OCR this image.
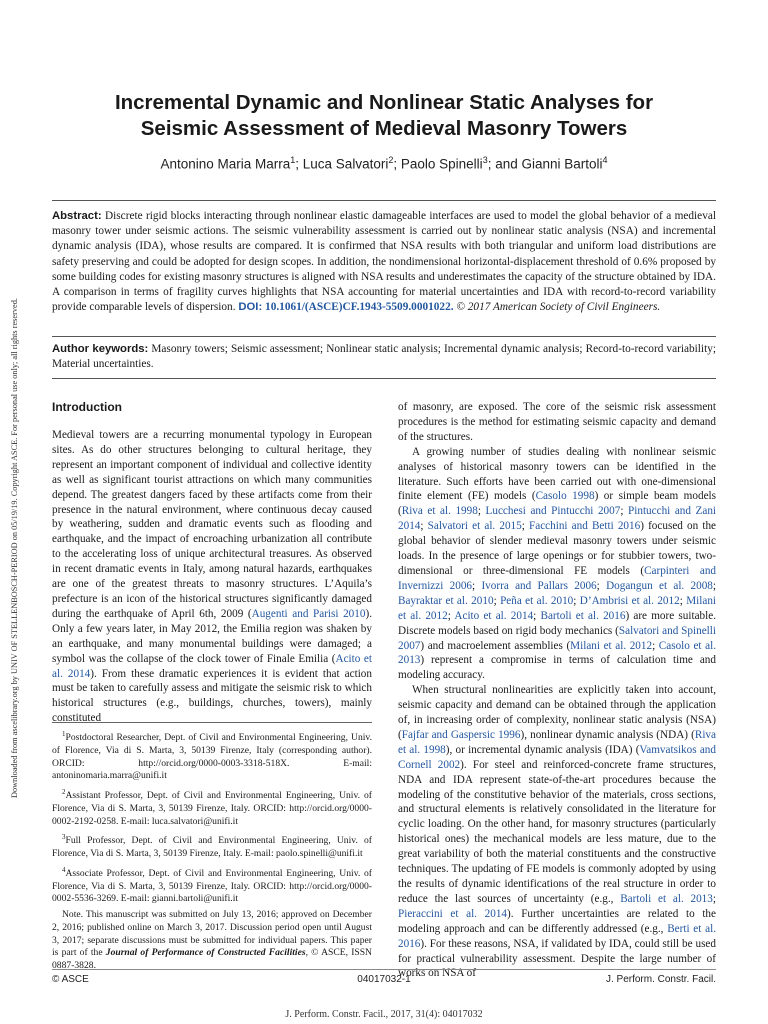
Downloaded from ascelibrary.org by UNIV OF STELLENBOSCH-PERIOD on 05/19/19. Copyright ASCE. For personal use only; all rights reserved.
Incremental Dynamic and Nonlinear Static Analyses for
Seismic Assessment of Medieval Masonry Towers
Antonino Maria Marra$^1$; Luca Salvatori$^2$; Paolo Spinelli$^3$; and Gianni Bartoli$^4$

Abstract: Discrete rigid blocks interacting through nonlinear elastic damageable interfaces are used to model the global behavior of a medieval masonry tower under seismic actions. The seismic vulnerability assessment is carried out by nonlinear static analysis (NSA) and incremental dynamic analysis (IDA), whose results are compared. It is confirmed that NSA results with both triangular and uniform load distributions are safety preserving and could be adopted for design scopes. In addition, the nondimensional horizontal-displacement threshold of 0.6% proposed by some building codes for existing masonry structures is aligned with NSA results and underestimates the capacity of the structure obtained by IDA. A comparison in terms of fragility curves highlights that NSA accounting for material uncertainties and IDA with record-to-record variability provide comparable levels of dispersion. DOI: 10.1061/(ASCE)CF.1943-5509.0001022. © 2017 American Society of Civil Engineers.

Author keywords: Masonry towers; Seismic assessment; Nonlinear static analysis; Incremental dynamic analysis; Record-to-record variability; Material uncertainties.

Introduction

Medieval towers are a recurring monumental typology in European sites. As do other structures belonging to cultural heritage, they represent an important component of individual and collective identity as well as significant tourist attractions on which many communities depend. The greatest dangers faced by these artifacts come from their presence in the natural environment, where continuous decay caused by weathering, sudden and dramatic events such as flooding and earthquake, and the impact of encroaching urbanization all contribute to the accelerating loss of unique architectural treasures. As observed in recent dramatic events in Italy, among natural hazards, earthquakes are one of the greatest threats to masonry structures. L’Aquila’s prefecture is an icon of the historical structures significantly damaged during the earthquake of April 6th, 2009 (Augenti and Parisi 2010). Only a few years later, in May 2012, the Emilia region was shaken by an earthquake, and many monumental buildings were damaged; a symbol was the collapse of the clock tower of Finale Emilia (Acito et al. 2014). From these dramatic experiences it is evident that action must be taken to carefully assess and mitigate the seismic risk to which historical structures (e.g., buildings, churches, towers), mainly constituted

$^1$Postdoctoral Researcher, Dept. of Civil and Environmental Engineering, Univ. of Florence, Via di S. Marta, 3, 50139 Firenze, Italy (corresponding author). ORCID: http://orcid.org/0000-0003-3318-518X. E-mail: antoninomaria.marra@unifi.it

$^2$Assistant Professor, Dept. of Civil and Environmental Engineering, Univ. of Florence, Via di S. Marta, 3, 50139 Firenze, Italy. ORCID: http://orcid.org/0000-0002-2192-0258. E-mail: luca.salvatori@unifi.it

$^3$Full Professor, Dept. of Civil and Environmental Engineering, Univ. of Florence, Via di S. Marta, 3, 50139 Firenze, Italy. E-mail: paolo.spinelli@unifi.it

$^4$Associate Professor, Dept. of Civil and Environmental Engineering, Univ. of Florence, Via di S. Marta, 3, 50139 Firenze, Italy. ORCID: http://orcid.org/0000-0002-5536-3269. E-mail: gianni.bartoli@unifi.it

Note. This manuscript was submitted on July 13, 2016; approved on December 2, 2016; published online on March 3, 2017. Discussion period open until August 3, 2017; separate discussions must be submitted for individual papers. This paper is part of the Journal of Performance of Constructed Facilities, © ASCE, ISSN 0887-3828.

of masonry, are exposed. The core of the seismic risk assessment procedures is the method for estimating seismic capacity and demand of the structures.

A growing number of studies dealing with nonlinear seismic analyses of historical masonry towers can be identified in the literature. Such efforts have been carried out with one-dimensional finite element (FE) models (Casolo 1998) or simple beam models (Riva et al. 1998; Lucchesi and Pintucchi 2007; Pintucchi and Zani 2014; Salvatori et al. 2015; Facchini and Betti 2016) focused on the global behavior of slender medieval masonry towers under seismic loads. In the presence of large openings or for stubbier towers, two-dimensional or three-dimensional FE models (Carpinteri and Invernizzi 2006; Ivorra and Pallars 2006; Dogangun et al. 2008; Bayraktar et al. 2010; Peña et al. 2010; D’Ambrisi et al. 2012; Milani et al. 2012; Acito et al. 2014; Bartoli et al. 2016) are more suitable. Discrete models based on rigid body mechanics (Salvatori and Spinelli 2007) and macroelement assemblies (Milani et al. 2012; Casolo et al. 2013) represent a compromise in terms of calculation time and modeling accuracy.

When structural nonlinearities are explicitly taken into account, seismic capacity and demand can be obtained through the application of, in increasing order of complexity, nonlinear static analysis (NSA) (Fajfar and Gaspersic 1996), nonlinear dynamic analysis (NDA) (Riva et al. 1998), or incremental dynamic analysis (IDA) (Vamvatsikos and Cornell 2002). For steel and reinforced-concrete frame structures, NDA and IDA represent state-of-the-art procedures because the modeling of the constitutive behavior of the materials, cross sections, and structural elements is relatively consolidated in the literature for cyclic loading. On the other hand, for masonry structures (particularly historical ones) the mechanical models are less mature, due to the great variability of both the material constituents and the constructive techniques. The updating of FE models is commonly adopted by using the results of dynamic identifications of the real structure in order to reduce the last sources of uncertainty (e.g., Bartoli et al. 2013; Pieraccini et al. 2014). Further uncertainties are related to the modeling approach and can be differently addressed (e.g., Berti et al. 2016). For these reasons, NSA, if validated by IDA, could still be used for practical vulnerability assessment. Despite the large number of works on NSA of

© ASCE	04017032-1	J. Perform. Constr. Facil.
J. Perform. Constr. Facil., 2017, 31(4): 04017032
